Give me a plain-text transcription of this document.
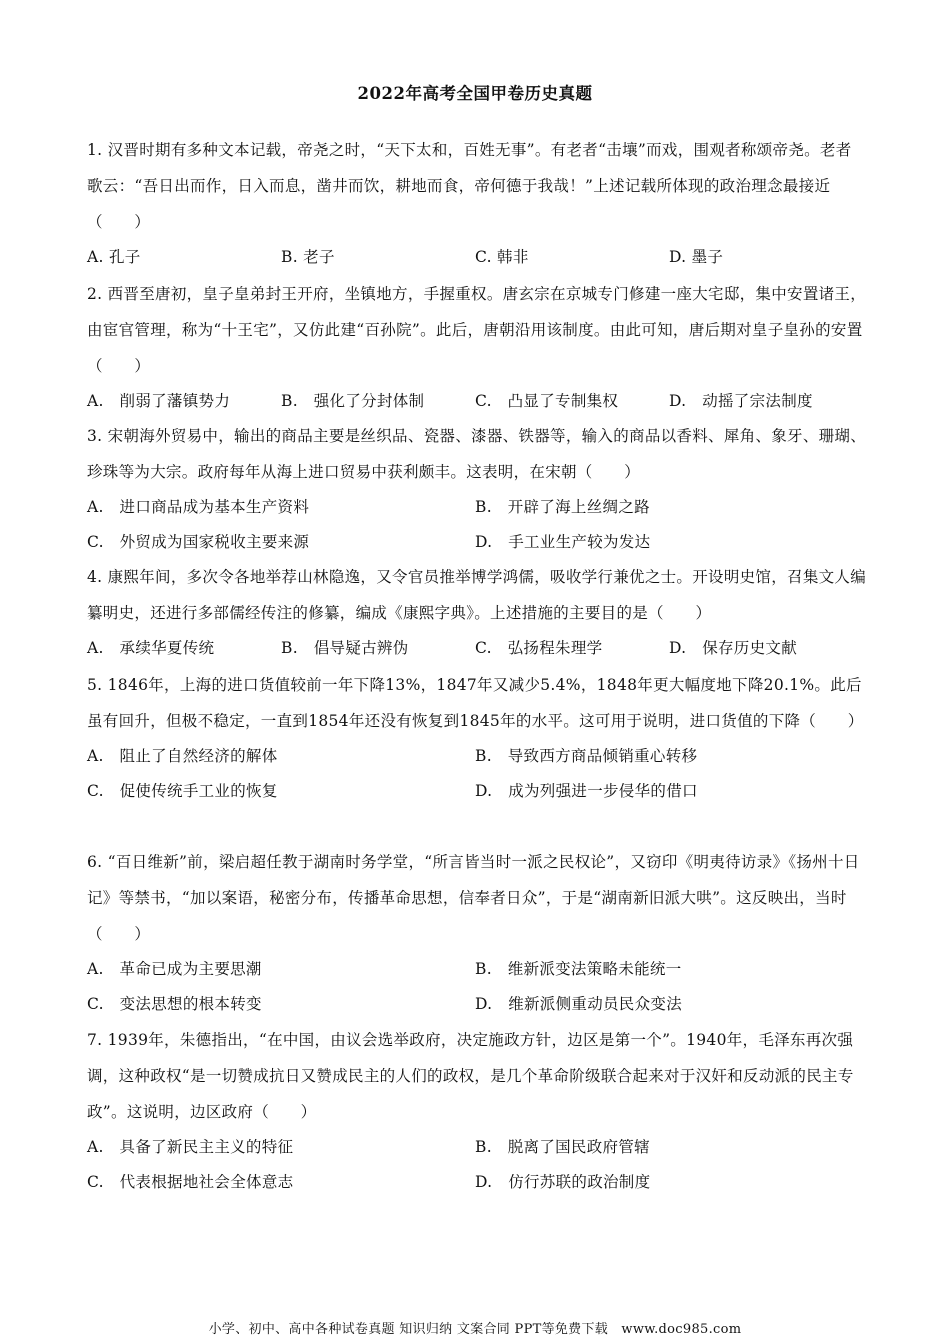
2022年高考全国甲卷历史真题
1. 汉晋时期有多种文本记载，帝尧之时，“天下太和，百姓无事”。有老者“击壤”而戏，围观者称颂帝尧。老者歌云：“吾日出而作，日入而息，凿井而饮，耕地而食，帝何德于我哉！”上述记载所体现的政治理念最接近（　　）
A. 孔子	B. 老子	C. 韩非	D. 墨子
2. 西晋至唐初，皇子皇弟封王开府，坐镇地方，手握重权。唐玄宗在京城专门修建一座大宅邸，集中安置诸王，由宦官管理，称为“十王宅”，又仿此建“百孙院”。此后，唐朝沿用该制度。由此可知，唐后期对皇子皇孙的安置（　　）
A.　削弱了藩镇势力	B.　强化了分封体制	C.　凸显了专制集权	D.　动摇了宗法制度
3. 宋朝海外贸易中，输出的商品主要是丝织品、瓷器、漆器、铁器等，输入的商品以香料、犀角、象牙、珊瑚、珍珠等为大宗。政府每年从海上进口贸易中获利颇丰。这表明，在宋朝（　　）
A.　进口商品成为基本生产资料	B.　开辟了海上丝绸之路
C.　外贸成为国家税收主要来源	D.　手工业生产较为发达
4. 康熙年间，多次令各地举荐山林隐逸，又令官员推举博学鸿儒，吸收学行兼优之士。开设明史馆，召集文人编纂明史，还进行多部儒经传注的修纂，编成《康熙字典》。上述措施的主要目的是（　　）
A.　承续华夏传统	B.　倡导疑古辨伪	C.　弘扬程朱理学	D.　保存历史文献
5. 1846年，上海的进口货值较前一年下降13%，1847年又减少5.4%，1848年更大幅度地下降20.1%。此后虽有回升，但极不稳定，一直到1854年还没有恢复到1845年的水平。这可用于说明，进口货值的下降（　　）
A.　阻止了自然经济的解体	B.　导致西方商品倾销重心转移
C.　促使传统手工业的恢复	D.　成为列强进一步侵华的借口
6. “百日维新”前，梁启超任教于湖南时务学堂，“所言皆当时一派之民权论”，又窃印《明夷待访录》《扬州十日记》等禁书，“加以案语，秘密分布，传播革命思想，信奉者日众”，于是“湖南新旧派大哄”。这反映出，当时（　　）
A.　革命已成为主要思潮	B.　维新派变法策略未能统一
C.　变法思想的根本转变	D.　维新派侧重动员民众变法
7. 1939年，朱德指出，“在中国，由议会选举政府，决定施政方针，边区是第一个”。1940年，毛泽东再次强调，这种政权“是一切赞成抗日又赞成民主的人们的政权，是几个革命阶级联合起来对于汉奸和反动派的民主专政”。这说明，边区政府（　　）
A.　具备了新民主主义的特征	B.　脱离了国民政府管辖
C.　代表根据地社会全体意志	D.　仿行苏联的政治制度
小学、初中、高中各种试卷真题 知识归纳 文案合同 PPT等免费下载　www.doc985.com
